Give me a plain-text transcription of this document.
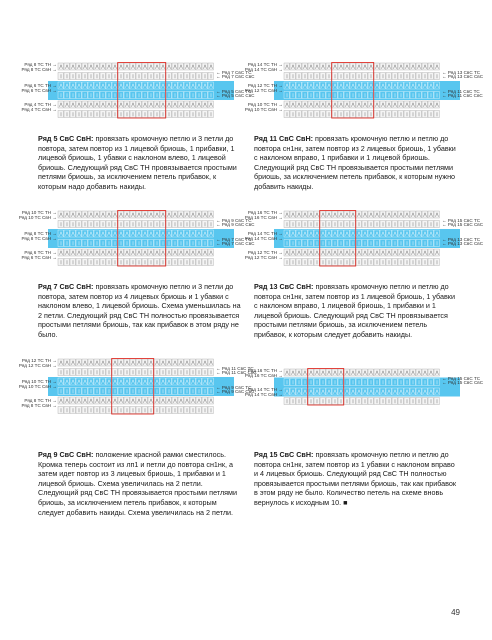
Ряд 8 ТС ТН →
Ряд 8 ТС СвН →
Ряд 6 ТС ТН →
Ряд 6 ТС СвН →
Ряд 4 ТС ТН →
Ряд 4 ТС СвН →
← Ряд 7 СвС ТС
← Ряд 7 СвС СвС
← Ряд 5 СвС ТС
← Ряд 5 СвС СвС
Ряд 5 СвС СвН: провязать кромочную петлю и 3 петли до повтора, затем повтор из 1 лицевой бриошь, 1 прибавки, 1 лицевой бриошь, 1 убавки с наклоном влево, 1 лицевой бриошь. Следующий ряд СвС ТН провязывается простыми петлями бриошь, за исключением петель прибавок, к которым надо добавить накиды.
Ряд 14 ТС ТН →
Ряд 14 ТС СвН →
Ряд 12 ТС ТН →
Ряд 12 ТС СвН →
Ряд 10 ТС ТН →
Ряд 10 ТС СвН →
← Ряд 13 СвС ТС
← Ряд 13 СвС СвС
← Ряд 11 СвС ТС
← Ряд 11 СвС СвС
Ряд 11 СвС СвН: провязать кромочную петлю и петлю до повтора сн1нк, затем повтор из 2 лицевых бриошь, 1 убавки с наклоном вправо, 1 прибавки и 1 лицевой бриошь. Следующий ряд СвС ТН провязывается простыми петлями бриошь, за исключением петель прибавок, к которым нужно добавить накиды.
Ряд 10 ТС ТН →
Ряд 10 ТС СвН →
Ряд 8 ТС ТН →
Ряд 8 ТС СвН →
Ряд 6 ТС ТН →
Ряд 6 ТС СвН →
← Ряд 9 СвС ТС
← Ряд 9 СвС СвС
← Ряд 7 СвС ТС
← Ряд 7 СвС СвС
Ряд 7 СвС СвН: провязать кромочную петлю и 3 петли до повтора, затем повтор из 4 лицевых бриошь и 1 убавки с наклоном влево, 1 лицевой бриошь. Схема уменьшилась на 2 петли. Следующий ряд СвС ТН полностью провязывается простыми петлями бриошь, так как прибавок в этом ряду не было.
Ряд 16 ТС ТН →
Ряд 16 ТС СвН →
Ряд 14 ТС ТН →
Ряд 14 ТС СвН →
Ряд 12 ТС ТН →
Ряд 12 ТС СвН →
← Ряд 15 СвС ТС
← Ряд 15 СвС СвС
← Ряд 13 СвС ТС
← Ряд 13 СвС СвС
Ряд 13 СвС СвН: провязать кромочную петлю и петлю до повтора сн1нк, затем повтор из 1 лицевой бриошь, 1 убавки с наклоном вправо, 1 лицевой бриошь, 1 прибавки и 1 лицевой бриошь. Следующий ряд СвС ТН провязывается простыми петлями бриошь, за исключением петель прибавок, к которым следует добавить накиды.
Ряд 12 ТС ТН →
Ряд 12 ТС СвН →
Ряд 10 ТС ТН →
Ряд 10 ТС СвН →
Ряд 8 ТС ТН →
Ряд 8 ТС СвН →
← Ряд 11 СвС ТС
← Ряд 11 СвС СвС
← Ряд 9 СвС ТС
← Ряд 9 СвС СвС
Ряд 9 СвС СвН: положение красной рамки сместилось. Кромка теперь состоит из лп1 и петли до повтора сн1нк, а затем идет повтор из 3 лицевых бриошь, 1 прибавки и 1 лицевой бриошь. Схема увеличилась на 2 петли. Следующий ряд СвС ТН провязывается простыми петлями бриошь, за исключением петель прибавок, к которым следует добавить накиды. Схема увеличилась на 2 петли.
Ряд 16 ТС ТН →
Ряд 16 ТС СвН →
Ряд 14 ТС ТН →
Ряд 14 ТС СвН →
← Ряд 15 СвС ТС
← Ряд 15 СвС СвС
Ряд 15 СвС СвН: провязать кромочную петлю и петлю до повтора сн1нк, затем повтор из 1 убавки с наклоном вправо и 4 лицевых бриошь. Следующий ряд СвС ТН полностью провязывается простыми петлями бриошь, так как прибавок в этом ряду не было. Количество петель на схеме вновь вернулось к исходным 10. ■
49
